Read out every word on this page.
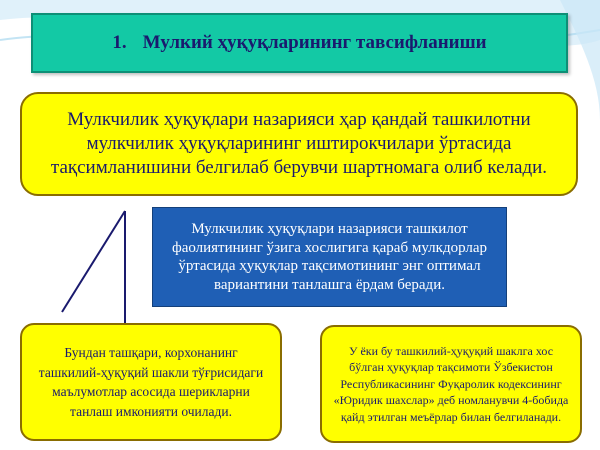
1. Мулкий ҳуқуқларининг тавсифланиши
Мулкчилик ҳуқуқлари назарияси ҳар қандай ташкилотни мулкчилик ҳуқуқларининг иштирокчилари ўртасида тақсимланишини белгилаб берувчи шартномага олиб келади.
Мулкчилик ҳуқуқлари назарияси ташкилот фаолиятининг ўзига хослигига қараб мулкдорлар ўртасида ҳуқуқлар тақсимотининг энг оптимал вариантини танлашга ёрдам беради.
Бундан ташқари, корхонанинг ташкилий-ҳуқуқий шакли тўғрисидаги маълумотлар асосида шерикларни танлаш имконияти очилади.
У ёки бу ташкилий-ҳуқуқий шаклга хос бўлган ҳуқуқлар тақсимоти Ўзбекистон Республикасининг Фуқаролик кодексининг «Юридик шахслар» деб номланувчи 4-бобида қайд этилган меъёрлар билан белгиланади.
